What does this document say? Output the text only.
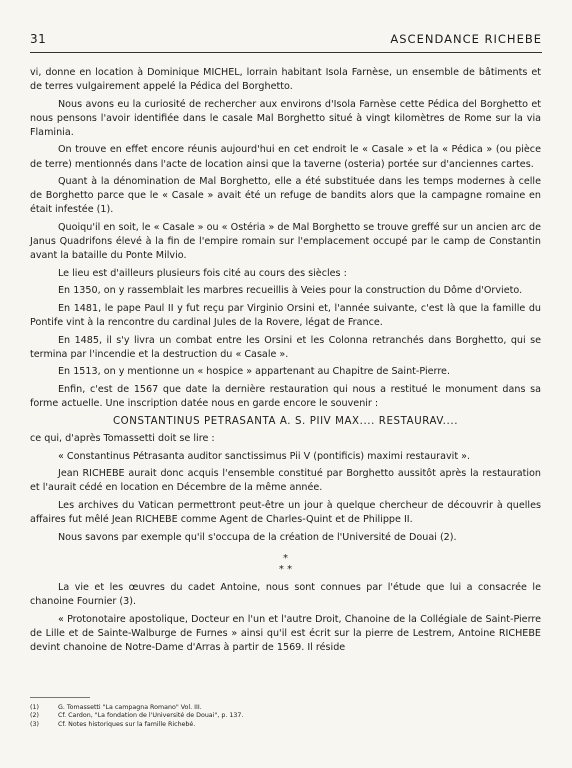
31	ASCENDANCE RICHEBE

vi, donne en location à Dominique MICHEL, lorrain habitant Isola Farnèse, un ensemble de bâtiments et de terres vulgairement appelé la Pédica del Borghetto.

Nous avons eu la curiosité de rechercher aux environs d'Isola Farnèse cette Pédica del Borghetto et nous pensons l'avoir identifiée dans le casale Mal Borghetto situé à vingt kilomètres de Rome sur la via Flaminia.

On trouve en effet encore réunis aujourd'hui en cet endroit le « Casale » et la « Pédica » (ou pièce de terre) mentionnés dans l'acte de location ainsi que la taverne (osteria) portée sur d'anciennes cartes.

Quant à la dénomination de Mal Borghetto, elle a été substituée dans les temps modernes à celle de Borghetto parce que le « Casale » avait été un refuge de bandits alors que la campagne romaine en était infestée (1).

Quoiqu'il en soit, le « Casale » ou « Ostéria » de Mal Borghetto se trouve greffé sur un ancien arc de Janus Quadrifons élevé à la fin de l'empire romain sur l'emplacement occupé par le camp de Constantin avant la bataille du Ponte Milvio.

Le lieu est d'ailleurs plusieurs fois cité au cours des siècles :

En 1350, on y rassemblait les marbres recueillis à Veies pour la construction du Dôme d'Orvieto.

En 1481, le pape Paul II y fut reçu par Virginio Orsini et, l'année suivante, c'est là que la famille du Pontife vint à la rencontre du cardinal Jules de la Rovere, légat de France.

En 1485, il s'y livra un combat entre les Orsini et les Colonna retranchés dans Borghetto, qui se termina par l'incendie et la destruction du « Casale ».

En 1513, on y mentionne un « hospice » appartenant au Chapitre de Saint-Pierre.

Enfin, c'est de 1567 que date la dernière restauration qui nous a restitué le monument dans sa forme actuelle. Une inscription datée nous en garde encore le souvenir :

CONSTANTINUS PETRASANTA A. S. PIIV MAX.... RESTAURAV....

ce qui, d'après Tomassetti doit se lire :

« Constantinus Pétrasanta auditor sanctissimus Pii V (pontificis) maximi restauravit ».

Jean RICHEBE aurait donc acquis l'ensemble constitué par Borghetto aussitôt après la restauration et l'aurait cédé en location en Décembre de la même année.

Les archives du Vatican permettront peut-être un jour à quelque chercheur de découvrir à quelles affaires fut mêlé Jean RICHEBE comme Agent de Charles-Quint et de Philippe II.

Nous savons par exemple qu'il s'occupa de la création de l'Université de Douai (2).

*
* *

La vie et les œuvres du cadet Antoine, nous sont connues par l'étude que lui a consacrée le chanoine Fournier (3).

« Protonotaire apostolique, Docteur en l'un et l'autre Droit, Chanoine de la Collégiale de Saint-Pierre de Lille et de Sainte-Walburge de Furnes » ainsi qu'il est écrit sur la pierre de Lestrem, Antoine RICHEBE devint chanoine de Notre-Dame d'Arras à partir de 1569. Il réside

(1)	G. Tomassetti "La campagna Romano" Vol. III.
(2)	Cf. Cardon, "La fondation de l'Université de Douai", p. 137.
(3)	Cf. Notes historiques sur la famille Richebé.
